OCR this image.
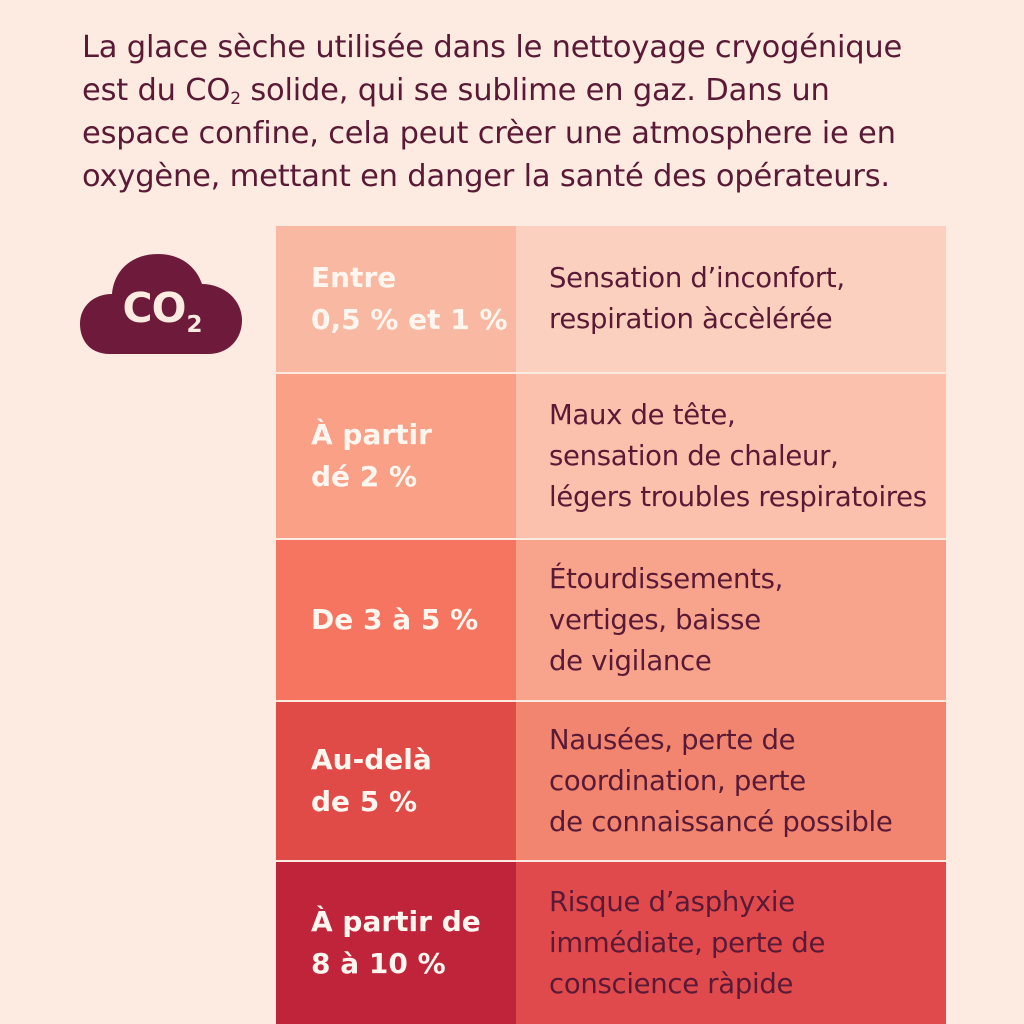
La glace sèche utilisée dans le nettoyage cryogénique
est du $CO_2$ solide, qui se sublime en gaz. Dans un
espace confine, cela peut crèer une atmosphere ie en
oxygène, mettant en danger la santé des opérateurs.
$CO_2$
Entre
0,5 % et 1 %
Sensation d’inconfort,
respiration àccèlérée
À partir
dé 2 %
Maux de tête,
sensation de chaleur,
légers troubles respiratoires
De 3 à 5 %
Étourdissements,
vertiges, baisse
de vigilance
Au-delà
de 5 %
Nausées, perte de
coordination, perte
de connaissancé possible
À partir de
8 à 10 %
Risque d’asphyxie
immédiate, perte de
conscience ràpide
